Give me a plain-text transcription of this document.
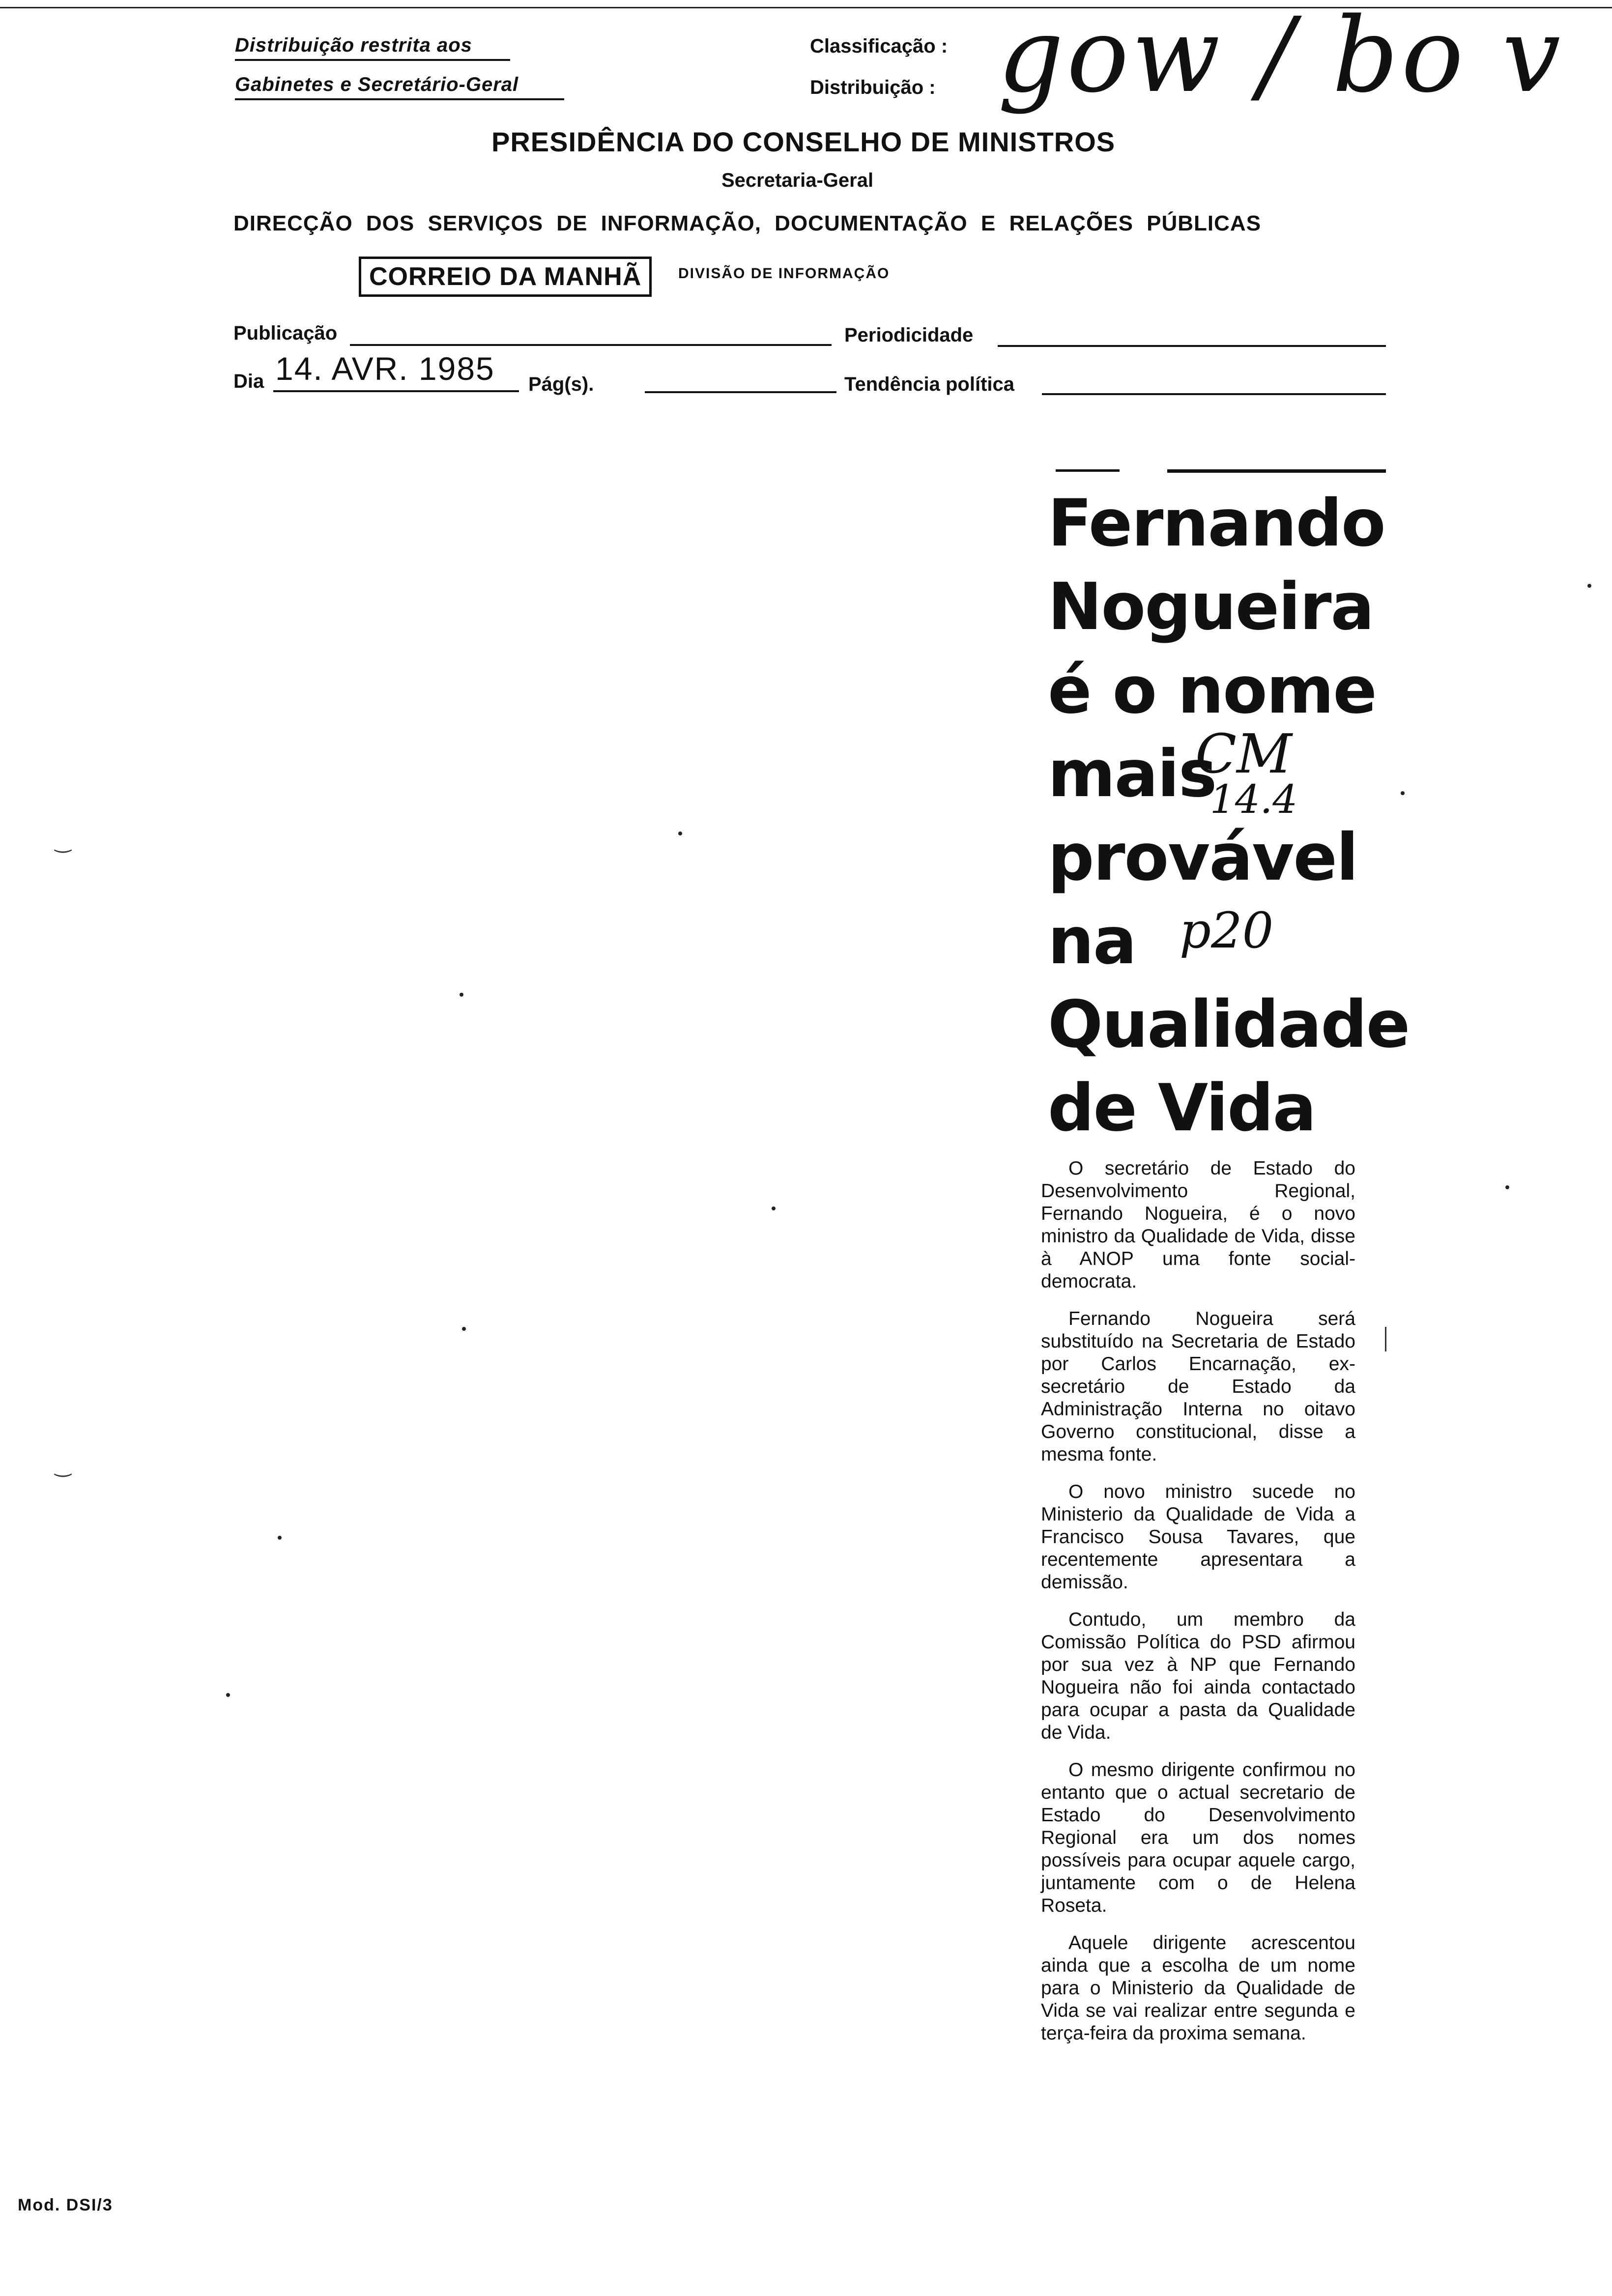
Distribuição restrita aos
Gabinetes e Secretário-Geral
Classificação :
Distribuição : gow / bo v
PRESIDÊNCIA DO CONSELHO DE MINISTROS
Secretaria-Geral
DIRECÇÃO DOS SERVIÇOS DE INFORMAÇÃO, DOCUMENTAÇÃO E RELAÇÕES PÚBLICAS
CORREIO DA MANHÃ	DIVISÃO DE INFORMAÇÃO
Publicação	Periodicidade
Dia 14. AVR. 1985 Pág(s).	Tendência política
Fernando
Nogueira
é o nome
mais
provável
na
Qualidade
de Vida
CM
14.4
p20

O secretário de Estado do Desenvolvimento Regional, Fernando Nogueira, é o novo ministro da Qualidade de Vida, disse à ANOP uma fonte social-democrata.

Fernando Nogueira será substituído na Secretaria de Estado por Carlos Encarnação, ex-secretário de Estado da Administração Interna no oitavo Governo constitucional, disse a mesma fonte.

O novo ministro sucede no Ministerio da Qualidade de Vida a Francisco Sousa Tavares, que recentemente apresentara a demissão.

Contudo, um membro da Comissão Política do PSD afirmou por sua vez à NP que Fernando Nogueira não foi ainda contactado para ocupar a pasta da Qualidade de Vida.

O mesmo dirigente confirmou no entanto que o actual secretario de Estado do Desenvolvimento Regional era um dos nomes possíveis para ocupar aquele cargo, juntamente com o de Helena Roseta.

Aquele dirigente acrescentou ainda que a escolha de um nome para o Ministerio da Qualidade de Vida se vai realizar entre segunda e terça-feira da proxima semana.

‿
‿
Mod. DSI/3
